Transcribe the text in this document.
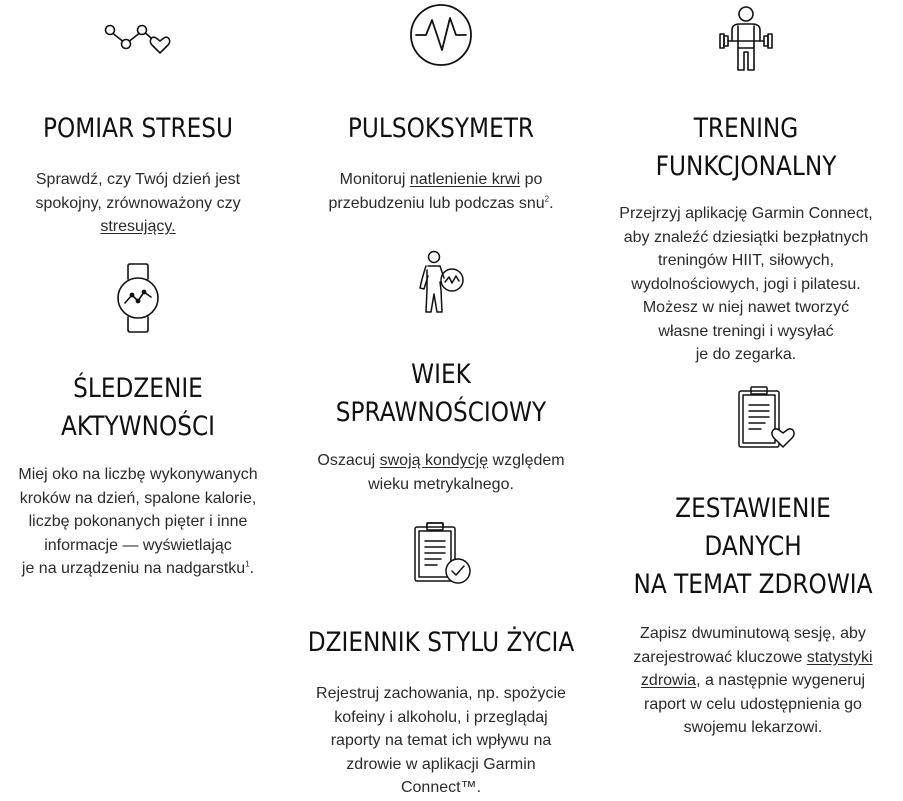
POMIAR STRESU

Sprawdź, czy Twój dzień jest spokojny, zrównoważony czy stresujący.

PULSOKSYMETR

Monitoruj natlenienie krwi po przebudzeniu lub podczas snu$^2$.

TRENING
FUNKCJONALNY
Przejrzyj aplikację Garmin Connect,
aby znaleźć dziesiątki bezpłatnych
treningów HIIT, siłowych,
wydolnościowych, jogi i pilatesu.
Możesz w niej nawet tworzyć
własne treningi i wysyłać
je do zegarka.
ŚLEDZENIE
AKTYWNOŚCI
Miej oko na liczbę wykonywanych
kroków na dzień, spalone kalorie,
liczbę pokonanych pięter i inne
informacje — wyświetlając
je na urządzeniu na nadgarstku$^1$.
WIEK SPRAWNOŚCIOWY

Oszacuj swoją kondycję względem wieku metrykalnego.

DZIENNIK STYLU ŻYCIA
Rejestruj zachowania, np. spożycie
kofeiny i alkoholu, i przeglądaj
raporty na temat ich wpływu na
zdrowie w aplikacji Garmin
Connect™.
ZESTAWIENIE DANYCH
NA TEMAT ZDROWIA
Zapisz dwuminutową sesję, aby
zarejestrować kluczowe statystyki
zdrowia, a następnie wygeneruj
raport w celu udostępnienia go
swojemu lekarzowi.
